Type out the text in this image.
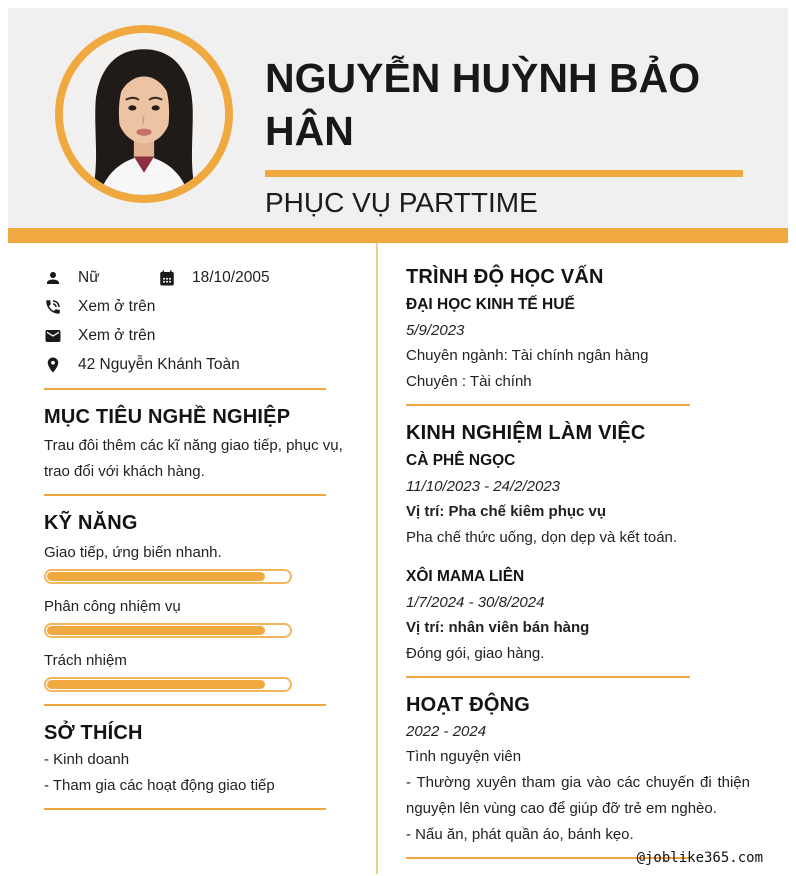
NGUYỄN HUỲNH BẢO HÂN
PHỤC VỤ PARTTIME
Nữ	18/10/2005
Xem ở trên
Xem ở trên
42 Nguyễn Khánh Toàn
MỤC TIÊU NGHỀ NGHIỆP

Trau đôi thêm các kĩ năng giao tiếp, phục vụ, trao đổi với khách hàng.

KỸ NĂNG
Giao tiếp, ứng biến nhanh.
Phân công nhiệm vụ
Trách nhiệm
SỞ THÍCH

- Kinh doanh

- Tham gia các hoạt động giao tiếp

TRÌNH ĐỘ HỌC VẤN
ĐẠI HỌC KINH TẾ HUẾ
5/9/2023
Chuyên ngành: Tài chính ngân hàng
Chuyên : Tài chính
KINH NGHIỆM LÀM VIỆC
CÀ PHÊ NGỌC
11/10/2023 - 24/2/2023
Vị trí: Pha chế kiêm phục vụ
Pha chế thức uống, dọn dẹp và kết toán.
XÔI MAMA LIÊN
1/7/2024 - 30/8/2024
Vị trí: nhân viên bán hàng
Đóng gói, giao hàng.
HOẠT ĐỘNG
2022 - 2024
Tình nguyện viên
- Thường xuyên tham gia vào các chuyến đi thiện nguyện lên vùng cao để giúp đỡ trẻ em nghèo.
- Nấu ăn, phát quần áo, bánh kẹo.
@joblike365.com
